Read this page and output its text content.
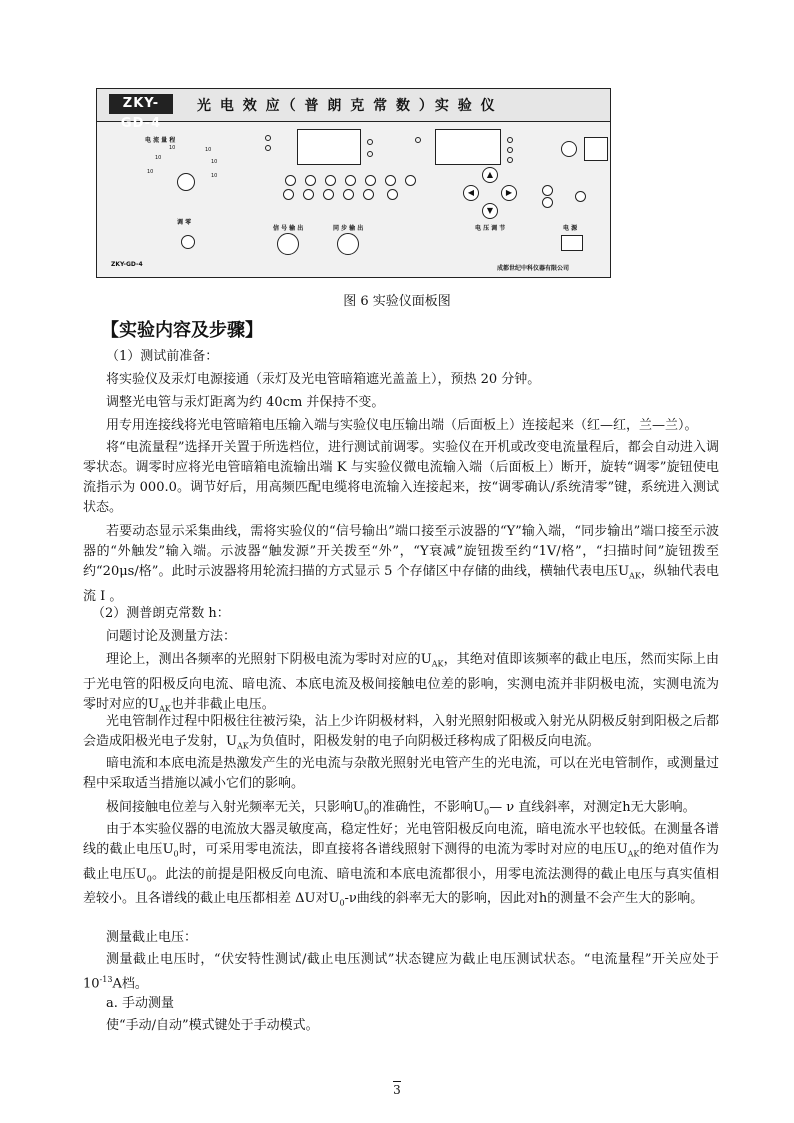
ZKY-GD-4
光 电 效 应（ 普 朗 克 常 数 ）实 验 仪
电 流 量 程
10
10
10
10
10
10
调 零
▲
◀	▶
▼
电 压 调 节
信 号 输 出	同 步 输 出	电 源
ZKY-GD-4
成都世纪中科仪器有限公司
图 6 实验仪面板图
【实验内容及步骤】
（1）测试前准备：
将实验仪及汞灯电源接通（汞灯及光电管暗箱遮光盖盖上），预热 20 分钟。
调整光电管与汞灯距离为约 40cm 并保持不变。
用专用连接线将光电管暗箱电压输入端与实验仪电压输出端（后面板上）连接起来（红—红，兰—兰）。
将“电流量程”选择开关置于所选档位，进行测试前调零。实验仪在开机或改变电流量程后，都会自动进入调零状态。调零时应将光电管暗箱电流输出端 K 与实验仪微电流输入端（后面板上）断开，旋转“调零”旋钮使电流指示为 000.0。调节好后，用高频匹配电缆将电流输入连接起来，按“调零确认/系统清零”键，系统进入测试状态。
若要动态显示采集曲线，需将实验仪的“信号输出”端口接至示波器的“Y”输入端，“同步输出”端口接至示波器的“外触发”输入端。示波器“触发源”开关拨至“外”，“Y衰减”旋钮拨至约“1V/格”，“扫描时间”旋钮拨至约“20μs/格”。此时示波器将用轮流扫描的方式显示 5 个存储区中存储的曲线，横轴代表电压$U_{AK}$，纵轴代表电流 I 。
（2）测普朗克常数 h：
问题讨论及测量方法：
理论上，测出各频率的光照射下阴极电流为零时对应的$U_{AK}$，其绝对值即该频率的截止电压，然而实际上由于光电管的阳极反向电流、暗电流、本底电流及极间接触电位差的影响，实测电流并非阴极电流，实测电流为零时对应的$U_{AK}$也并非截止电压。
光电管制作过程中阳极往往被污染，沾上少许阴极材料，入射光照射阳极或入射光从阴极反射到阳极之后都会造成阳极光电子发射，$U_{AK}$为负值时，阳极发射的电子向阴极迁移构成了阳极反向电流。
暗电流和本底电流是热激发产生的光电流与杂散光照射光电管产生的光电流，可以在光电管制作，或测量过程中采取适当措施以减小它们的影响。
极间接触电位差与入射光频率无关，只影响$U_0$的准确性，不影响$U_0—$ ν 直线斜率，对测定h无大影响。
由于本实验仪器的电流放大器灵敏度高，稳定性好；光电管阳极反向电流，暗电流水平也较低。在测量各谱线的截止电压$U_0$时，可采用零电流法，即直接将各谱线照射下测得的电流为零时对应的电压$U_{AK}$的绝对值作为截止电压$U_0$。此法的前提是阳极反向电流、暗电流和本底电流都很小，用零电流法测得的截止电压与真实值相差较小。且各谱线的截止电压都相差 ΔU对$U_0-\nu$曲线的斜率无大的影响，因此对h的测量不会产生大的影响。
测量截止电压：
测量截止电压时，“伏安特性测试/截止电压测试”状态键应为截止电压测试状态。“电流量程”开关应处于 $10^{-13}A$档。
a. 手动测量
使“手动/自动”模式键处于手动模式。
3
